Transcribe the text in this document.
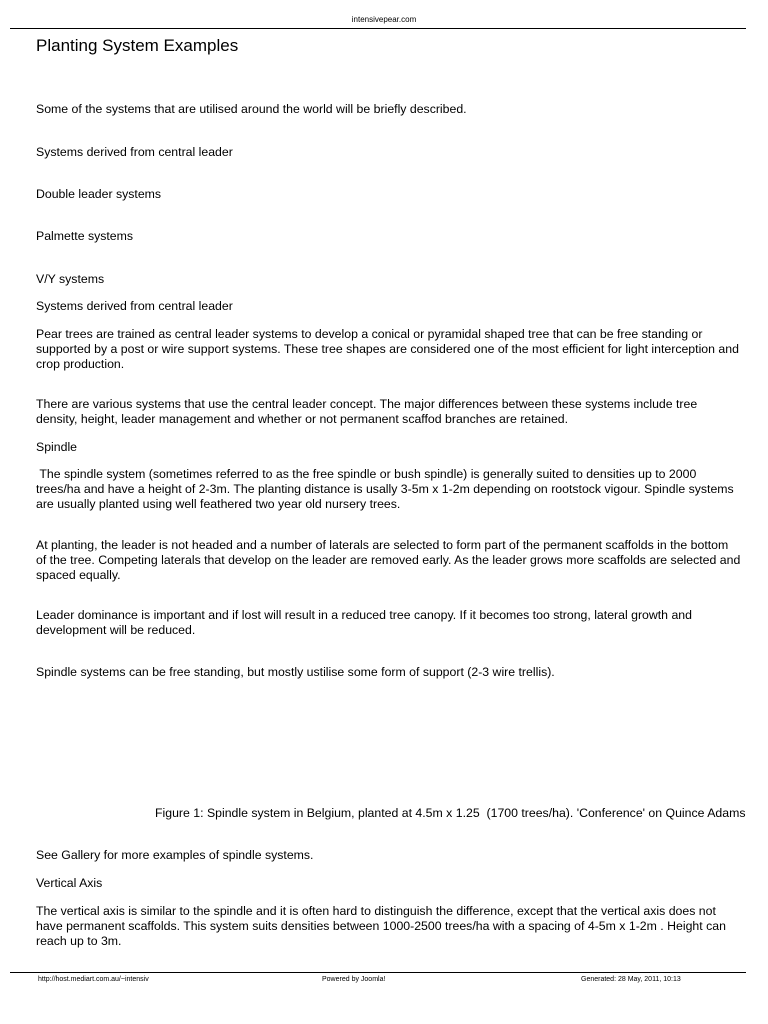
intensivepear.com
Planting System Examples
Some of the systems that are utilised around the world will be briefly described.
Systems derived from central leader
Double leader systems
Palmette systems
V/Y systems
Systems derived from central leader
Pear trees are trained as central leader systems to develop a conical or pyramidal shaped tree that can be free standing or supported by a post or wire support systems. These tree shapes are considered one of the most efficient for light interception and crop production.
There are various systems that use the central leader concept. The major differences between these systems include tree density, height, leader management and whether or not permanent scaffod branches are retained.
Spindle
The spindle system (sometimes referred to as the free spindle or bush spindle) is generally suited to densities up to 2000 trees/ha and have a height of 2-3m. The planting distance is usally 3-5m x 1-2m depending on rootstock vigour. Spindle systems are usually planted using well feathered two year old nursery trees.
At planting, the leader is not headed and a number of laterals are selected to form part of the permanent scaffolds in the bottom of the tree. Competing laterals that develop on the leader are removed early. As the leader grows more scaffolds are selected and spaced equally.
Leader dominance is important and if lost will result in a reduced tree canopy. If it becomes too strong, lateral growth and development will be reduced.
Spindle systems can be free standing, but mostly ustilise some form of support (2-3 wire trellis).
Figure 1: Spindle system in Belgium, planted at 4.5m x 1.25  (1700 trees/ha). 'Conference' on Quince Adams
See Gallery for more examples of spindle systems.
Vertical Axis
The vertical axis is similar to the spindle and it is often hard to distinguish the difference, except that the vertical axis does not have permanent scaffolds. This system suits densities between 1000-2500 trees/ha with a spacing of 4-5m x 1-2m . Height can reach up to 3m.
http://host.mediart.com.au/~intensiv	Powered by Joomla!	Generated: 28 May, 2011, 10:13
